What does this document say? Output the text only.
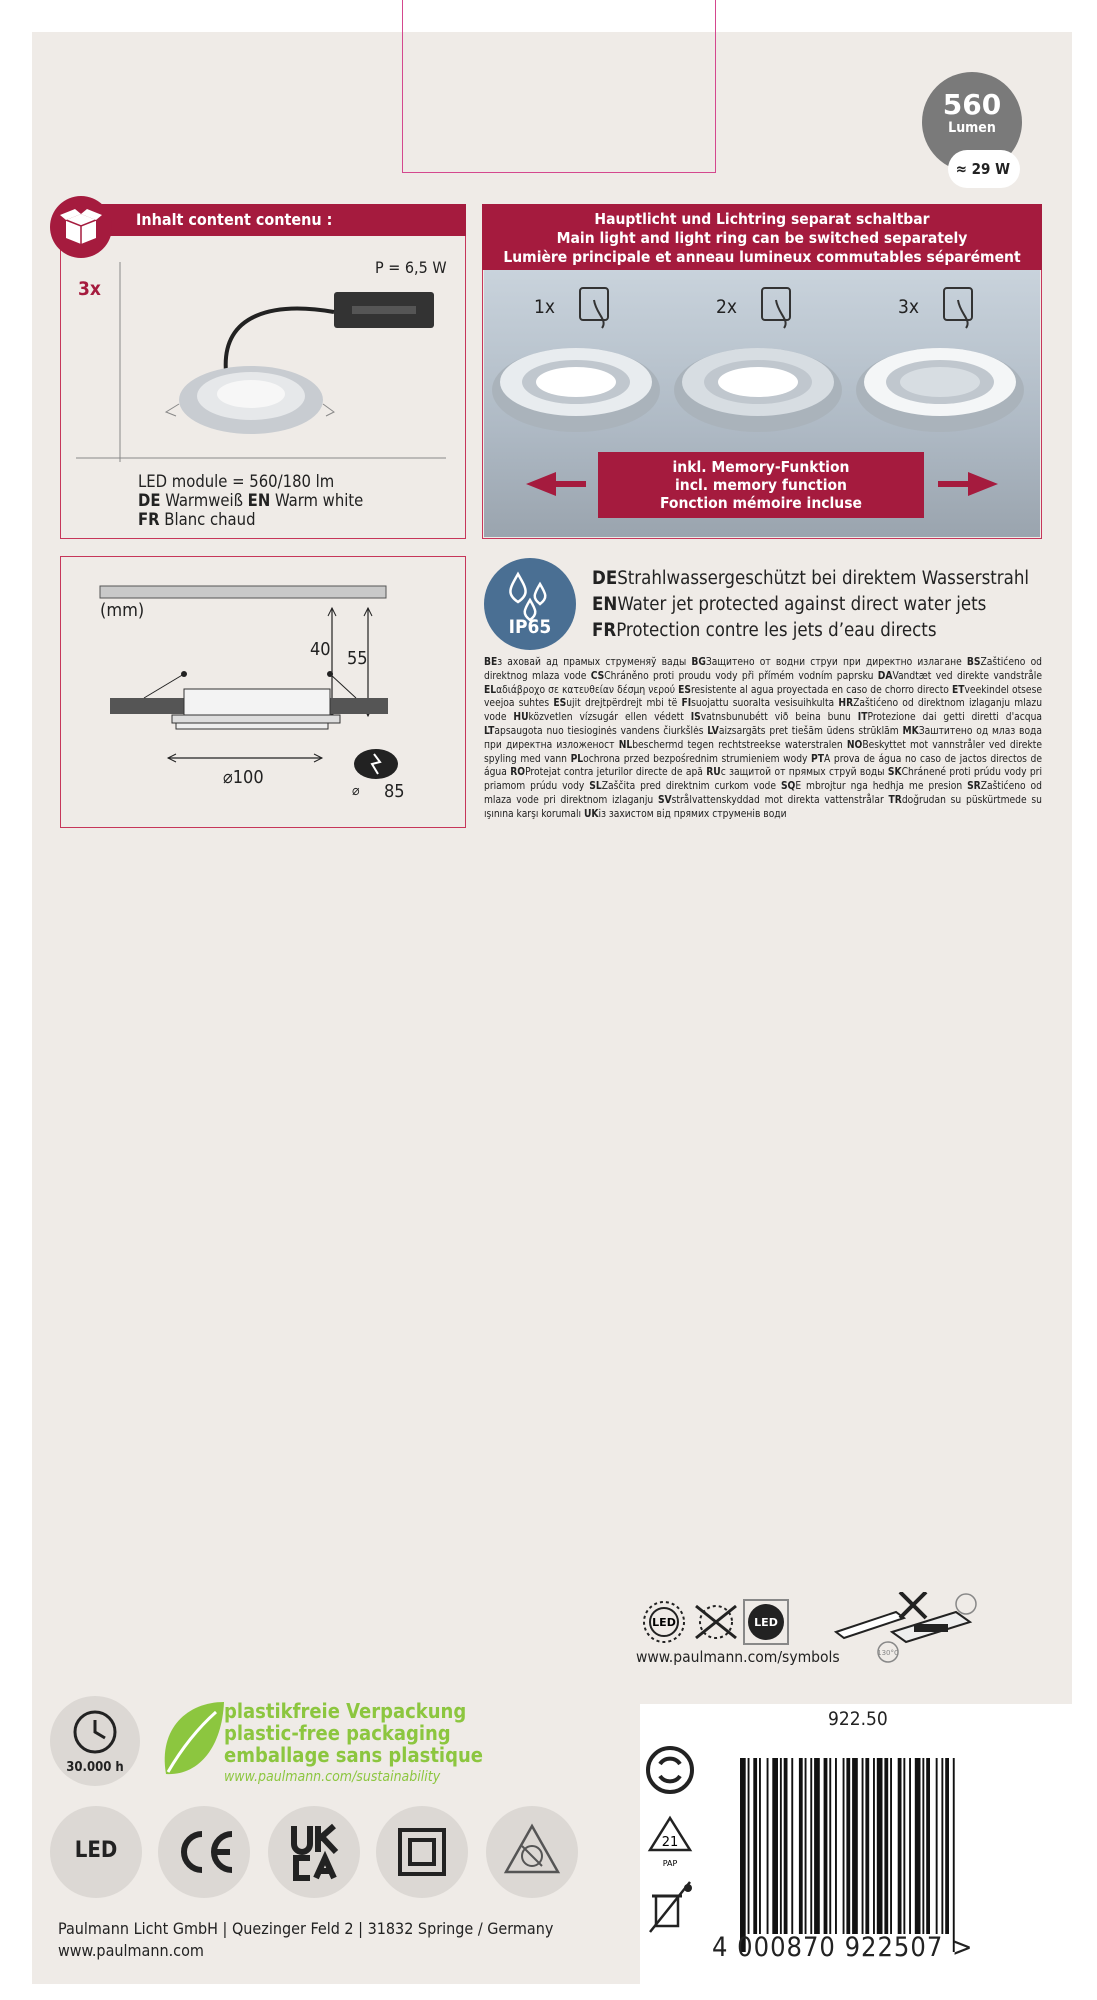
560
Lumen
≈ 29 W
Inhalt content contenu :
3x
P = 6,5 W
LED module = 560/180 lm
DE Warmweiß EN Warm white
FR Blanc chaud
Hauptlicht und Lichtring separat schaltbar
Main light and light ring can be switched separately
Lumière principale et anneau lumineux commutables séparément
1x	2x	3x
inkl. Memory-Funktion
incl. memory function
Fonction mémoire incluse
(mm)
40 55
⌀100
⌀ 85
IP65
DEStrahlwassergeschützt bei direktem Wasserstrahl
ENWater jet protected against direct water jets
FRProtection contre les jets d’eau directs
BEз аховай ад прамых струменяў вады BGЗащитено от водни струи при директно излагане BSZaštićeno od direktnog mlaza vode CSChráněno proti proudu vody při přímém vodním paprsku DAVandtæt ved direkte vandstråle ELαδιάβροχο σε κατευθείαν δέσμη νερού ESresistente al agua proyectada en caso de chorro directo ETveekindel otsese veejoa suhtes ESujit drejtpërdrejt mbi të FIsuojattu suoralta vesisuihkulta HRZaštićeno od direktnom izlaganju mlazu vode HUközvetlen vízsugár ellen védett ISvatnsbunubétt við beina bunu ITProtezione dai getti diretti d'acqua LTapsaugota nuo tiesioginės vandens čiurkšlės LVaizsargāts pret tiešām ūdens strūklām MKЗаштитено од млаз вода при директна изложеност NLbeschermd tegen rechtstreekse waterstralen NOBeskyttet mot vannstråler ved direkte spyling med vann PLochrona przed bezpośrednim strumieniem wody PTA prova de água no caso de jactos directos de água ROProtejat contra jeturilor directe de apă RUс защитой от прямых струй воды SKChránené proti prúdu vody pri priamom prúdu vody SLZaščita pred direktnim curkom vode SQE mbrojtur nga hedhja me presion SRZaštićeno od mlaza vode pri direktnom izlaganju SVstrålvattenskyddad mot direkta vattenstrålar TRdoğrudan su püskürtmede su ışınına karşı korumalı UKіз захистом від прямих струменів води
LED	LED
130°C
www.paulmann.com/symbols
922.50
21
PAP
4 000870 922507 >
30.000 h
plastikfreie Verpackung
plastic-free packaging
emballage sans plastique
www.paulmann.com/sustainability
LED
Paulmann Licht GmbH | Quezinger Feld 2 | 31832 Springe / Germany
www.paulmann.com
